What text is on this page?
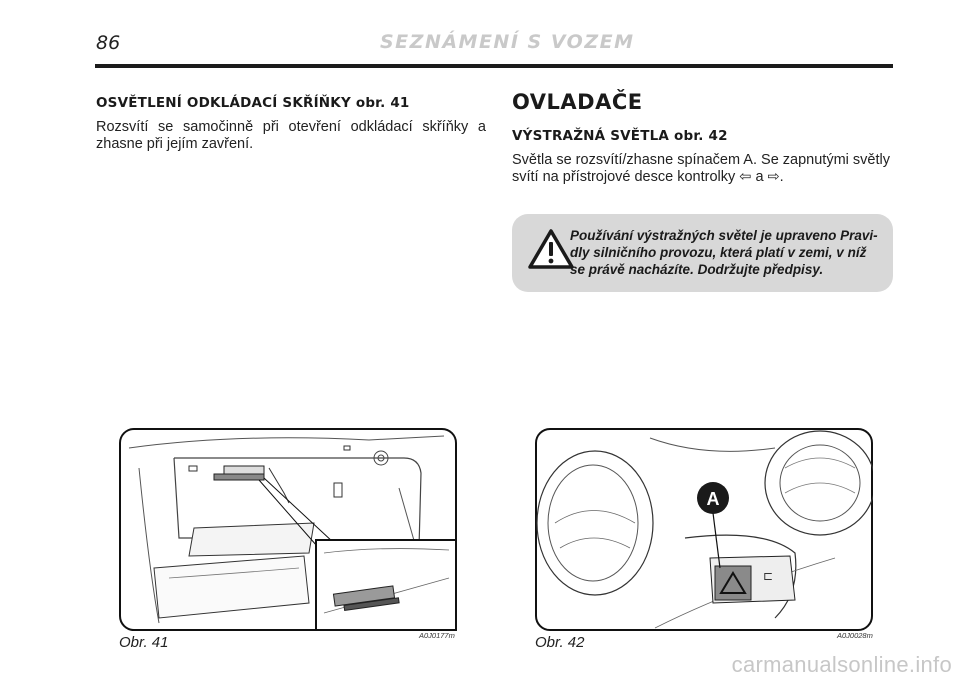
86	SEZNÁMENÍ S VOZEM
OSVĚTLENÍ ODKLÁDACÍ SKŘÍŇKY obr. 41

Rozsvítí se samočinně při otevření odkládací skříňky a zhasne při jejím zavření.

OVLADAČE
VÝSTRAŽNÁ SVĚTLA obr. 42

Světla se rozsvítí/zhasne spínačem A. Se zapnutými světly svítí na přístrojové desce kontrolky ⇦ a ⇨.

Používání výstražných světel je upraveno Pravi-dly silničního provozu, která platí v zemi, v níž se právě nacházíte. Dodržujte předpisy.
Obr. 41	A0J0177m
⊏
A
Obr. 42	A0J0028m
carmanualsonline.info
